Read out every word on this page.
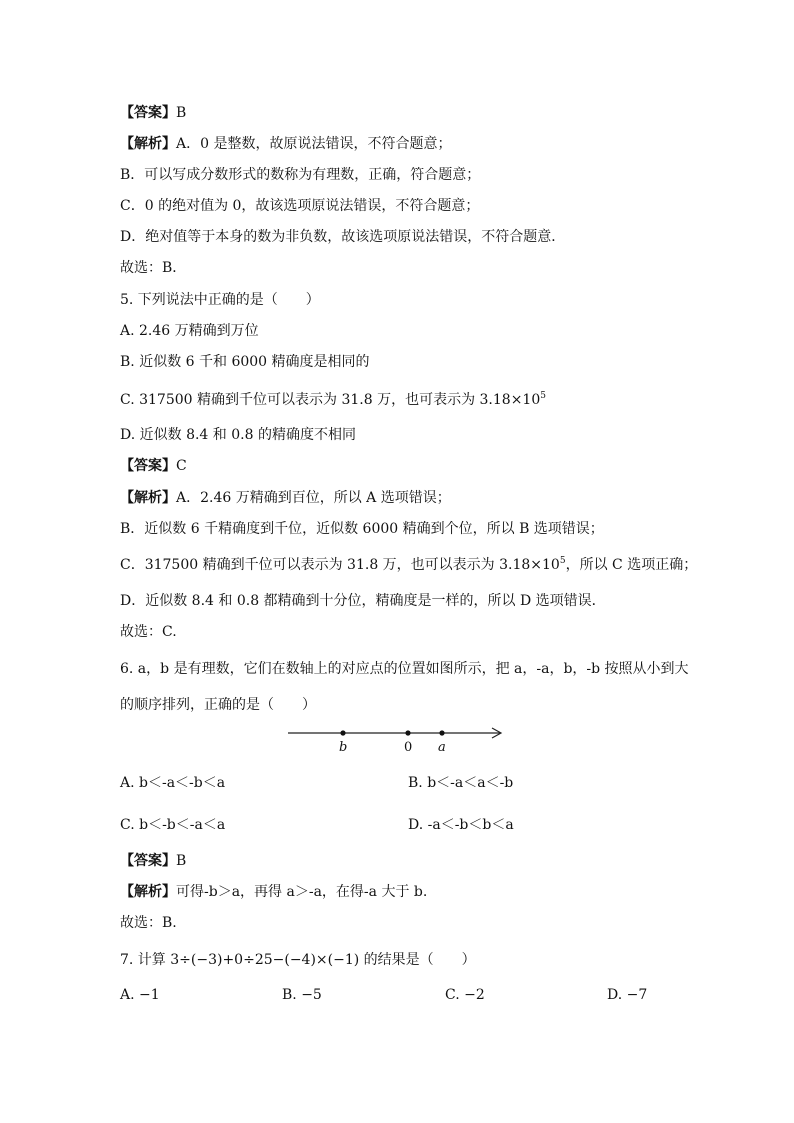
【答案】B
【解析】A．0 是整数，故原说法错误，不符合题意；
B．可以写成分数形式的数称为有理数，正确，符合题意；
C．0 的绝对值为 0，故该选项原说法错误，不符合题意；
D．绝对值等于本身的数为非负数，故该选项原说法错误，不符合题意．
故选：B．
5. 下列说法中正确的是（　　）
A. 2.46 万精确到万位
B. 近似数 6 千和 6000 精确度是相同的
C. 317500 精确到千位可以表示为 31.8 万，也可表示为 $3.18\times 10^5$
D. 近似数 8.4 和 0.8 的精确度不相同
【答案】C
【解析】A．2.46 万精确到百位，所以 A 选项错误；
B．近似数 6 千精确度到千位，近似数 6000 精确到个位，所以 B 选项错误；
C．317500 精确到千位可以表示为 31.8 万，也可以表示为 $3.18\times 10^5$，所以 C 选项正确；
D．近似数 8.4 和 0.8 都精确到十分位，精确度是一样的，所以 D 选项错误．
故选：C.
6. a，b 是有理数，它们在数轴上的对应点的位置如图所示，把 a，-a，b，-b 按照从小到大
的顺序排列，正确的是（　　）
b	0 a
A. b＜-a＜-b＜a	B. b＜-a＜a＜-b
C. b＜-b＜-a＜a	D. -a＜-b＜b＜a
【答案】B
【解析】可得-b＞a，再得 a＞-a，在得-a 大于 b.
故选：B.
7. 计算 3÷(−3)+0÷25−(−4)×(−1) 的结果是（　　）
A. −1	B. −5	C. −2	D. −7
